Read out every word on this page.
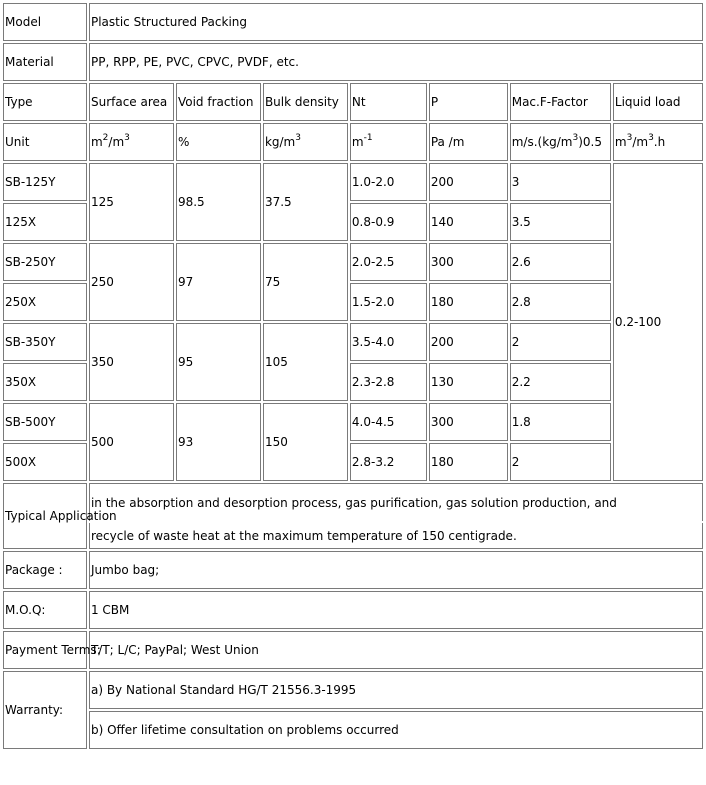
Model	Plastic Structured Packing						
Material	PP, RPP, PE, PVC, CPVC, PVDF, etc.						
Type	Surface area	Void fraction	Bulk density	Nt	P	Mac.F-Factor	Liquid load
Unit	$m^2/m^3$	%	$kg/m^3$	$m^{-1}$	Pa /m	$m/s.(kg/m^3)0.5$	$m^3/m^3.h$
SB-125Y	125	98.5	37.5	1.0-2.0	200	3	0.2-100
125X				0.8-0.9	140	3.5	
SB-250Y	250	97	75	2.0-2.5	300	2.6	
250X				1.5-2.0	180	2.8	
SB-350Y	350	95	105	3.5-4.0	200	2	
350X				2.3-2.8	130	2.2	
SB-500Y	500	93	150	4.0-4.5	300	1.8	
500X				2.8-3.2	180	2	
Typical Application	in the absorption and desorption process, gas purification, gas solution production, and						
	recycle of waste heat at the maximum temperature of 150 centigrade.						
Package :	Jumbo bag;						
M.O.Q:	1 CBM						
Payment Terms:	T/T; L/C; PayPal; West Union						
Warranty:	a) By National Standard HG/T 21556.3-1995						
	b) Offer lifetime consultation on problems occurred						
